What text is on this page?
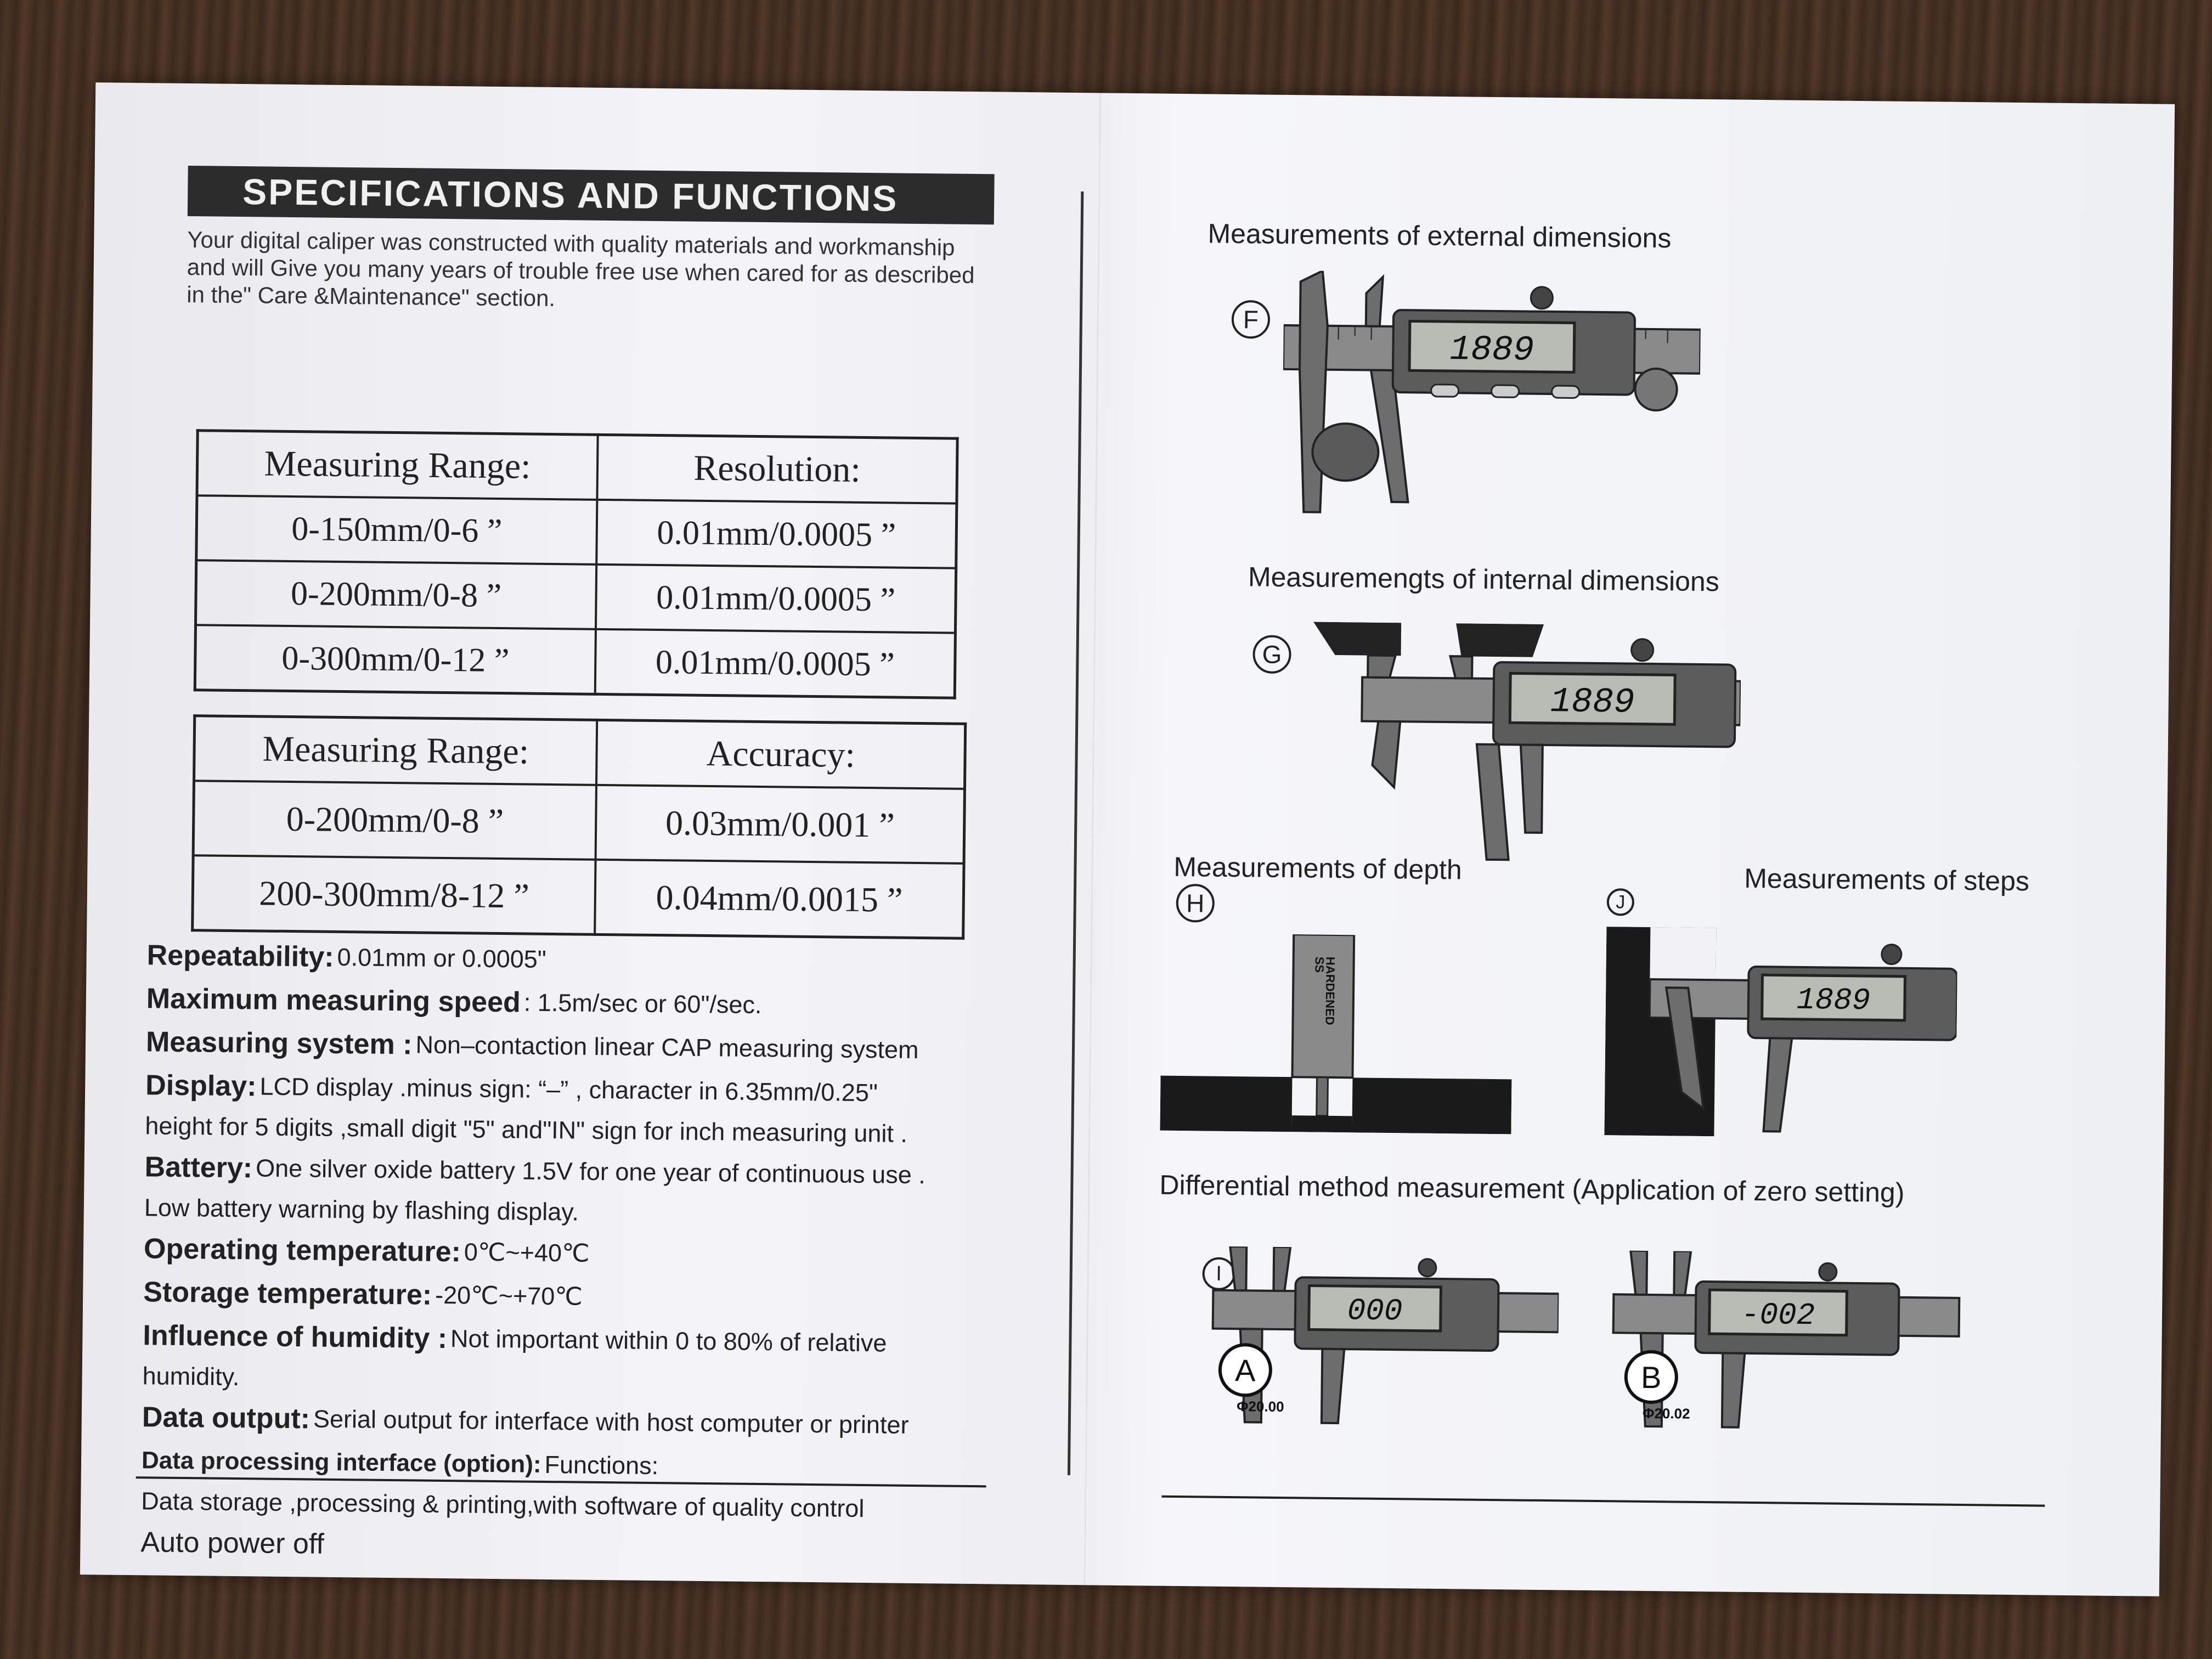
SPECIFICATIONS AND FUNCTIONS
Your digital caliper was constructed with quality materials and workmanship and will Give you many years of trouble free use when cared for as described in the" Care &Maintenance" section.
Measuring Range:	Resolution:
0-150mm/0-6 ”	0.01mm/0.0005 ”
0-200mm/0-8 ”	0.01mm/0.0005 ”
0-300mm/0-12 ”	0.01mm/0.0005 ”
Measuring Range:	Accuracy:
0-200mm/0-8 ”	0.03mm/0.001 ”
200-300mm/8-12 ”	0.04mm/0.0015 ”
Repeatability: 0.01mm or 0.0005"
Maximum measuring speed : 1.5m/sec or 60"/sec.
Measuring system : Non–contaction linear CAP measuring system
Display: LCD display .minus sign: “–” , character in 6.35mm/0.25"
height for 5 digits ,small digit "5" and"IN" sign for inch measuring unit .
Battery: One silver oxide battery 1.5V for one year of continuous use .
Low battery warning by flashing display.
Operating temperature: 0℃~+40℃
Storage temperature: -20℃~+70℃
Influence of humidity : Not important within 0 to 80% of relative
humidity.
Data output: Serial output for interface with host computer or printer
Data processing interface (option): Functions:
Data storage ,processing & printing,with software of quality control
Auto power off
Measurements of external dimensions
F
1889
Measuremengts of internal dimensions
G
1889
Measurements of depth
H
SS
HARDENED
Measurements of steps
J
1889
Differential method measurement (Application of zero setting)
I
000
A
Φ20.00
-002
B
Φ20.02
